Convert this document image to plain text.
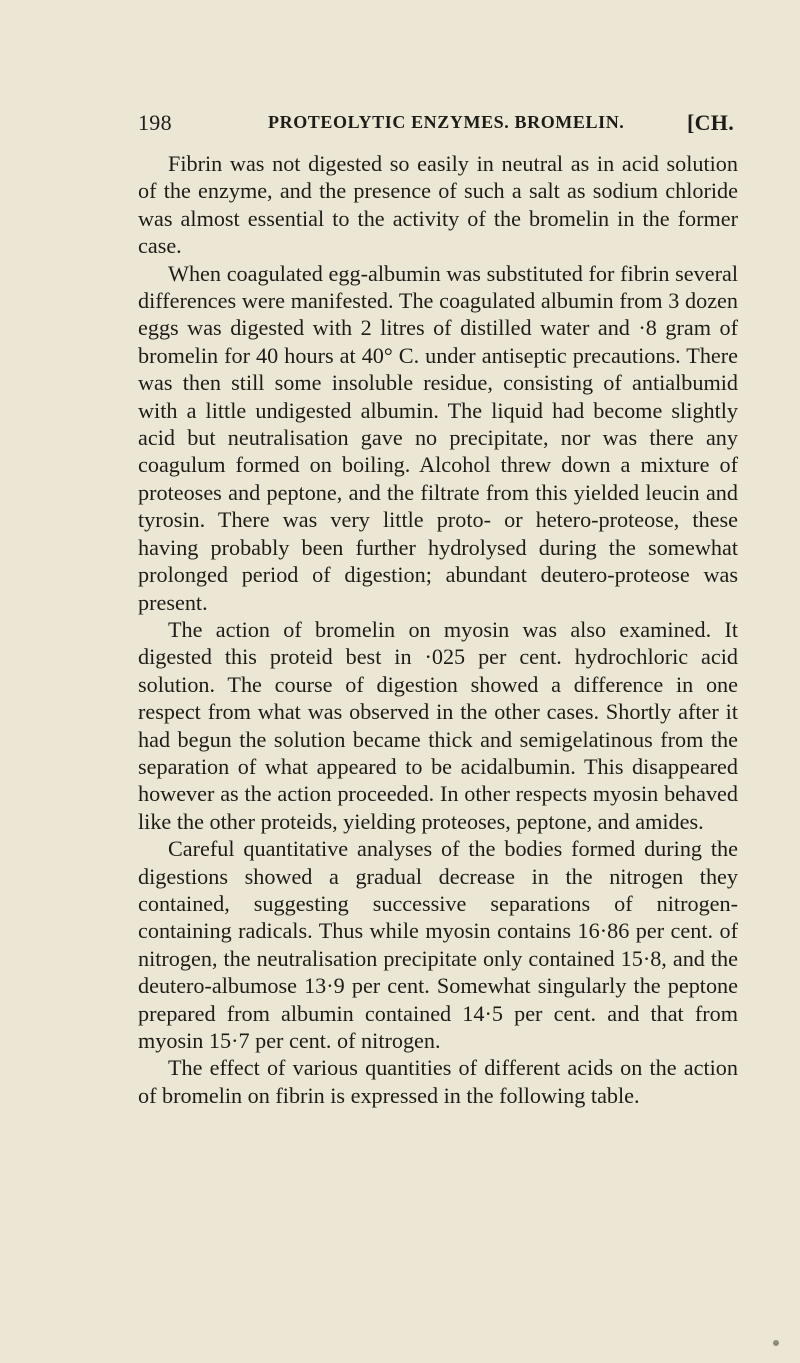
198	PROTEOLYTIC ENZYMES. BROMELIN.	[CH.

Fibrin was not digested so easily in neutral as in acid solution of the enzyme, and the presence of such a salt as sodium chloride was almost essential to the activity of the bromelin in the former case.

When coagulated egg-albumin was substituted for fibrin several differences were manifested. The coagulated albumin from 3 dozen eggs was digested with 2 litres of distilled water and ·8 gram of bromelin for 40 hours at 40° C. under antiseptic precautions. There was then still some insoluble residue, consisting of antialbumid with a little undigested albumin. The liquid had become slightly acid but neutralisation gave no precipitate, nor was there any coagulum formed on boiling. Alcohol threw down a mixture of proteoses and peptone, and the filtrate from this yielded leucin and tyrosin. There was very little proto- or hetero-proteose, these having probably been further hydrolysed during the somewhat prolonged period of digestion; abundant deutero-proteose was present.

The action of bromelin on myosin was also examined. It digested this proteid best in ·025 per cent. hydrochloric acid solution. The course of digestion showed a difference in one respect from what was observed in the other cases. Shortly after it had begun the solution became thick and semigelatinous from the separation of what appeared to be acidalbumin. This disappeared however as the action proceeded. In other respects myosin behaved like the other proteids, yielding proteoses, peptone, and amides.

Careful quantitative analyses of the bodies formed during the digestions showed a gradual decrease in the nitrogen they contained, suggesting successive separations of nitrogen-containing radicals. Thus while myosin contains 16·86 per cent. of nitrogen, the neutralisation precipitate only contained 15·8, and the deutero-albumose 13·9 per cent. Somewhat singularly the peptone prepared from albumin contained 14·5 per cent. and that from myosin 15·7 per cent. of nitrogen.

The effect of various quantities of different acids on the action of bromelin on fibrin is expressed in the following table.
